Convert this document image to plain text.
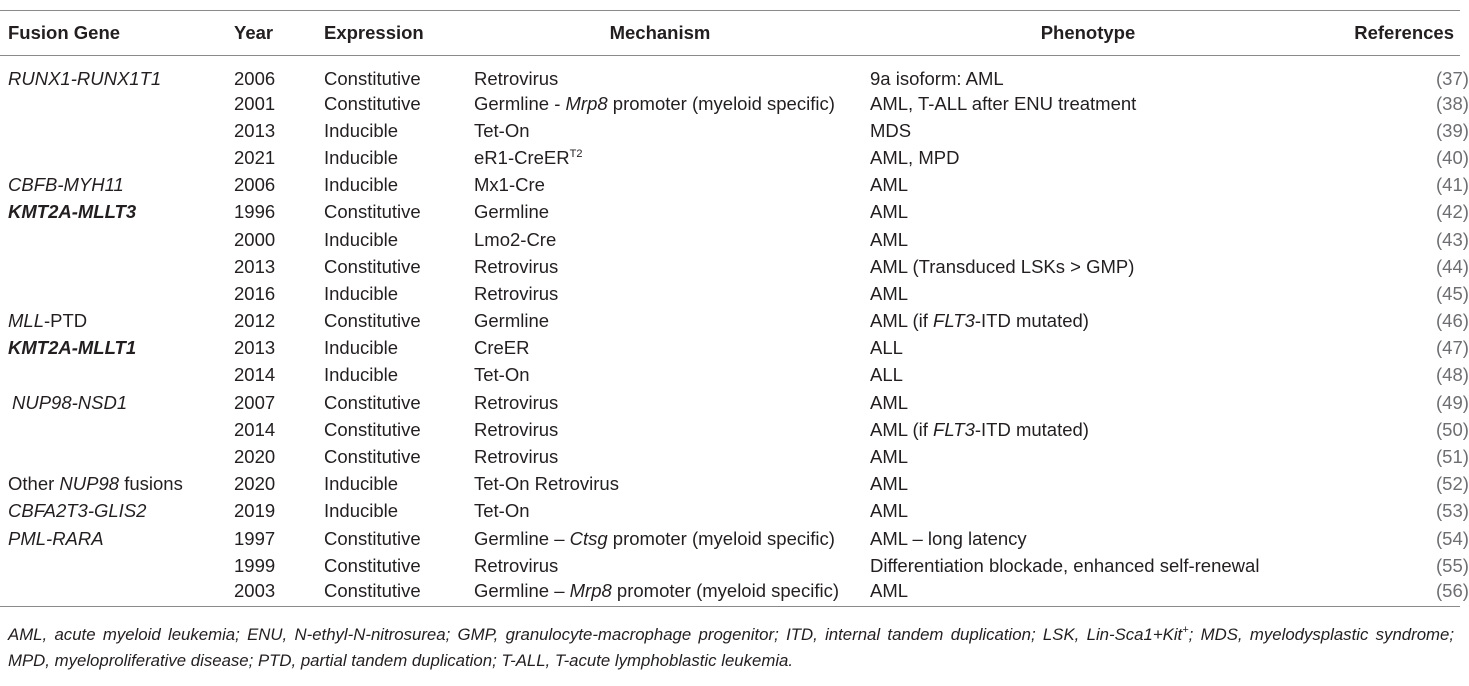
Fusion Gene	Year	Expression	Mechanism	Phenotype	References
RUNX1-RUNX1T1	2006	Constitutive	Retrovirus	9a isoform: AML	(37)
	2001	Constitutive	Germline - Mrp8 promoter (myeloid specific)	AML, T-ALL after ENU treatment	(38)
	2013	Inducible	Tet-On	MDS	(39)
	2021	Inducible	eR1-CreER$^{T2}$	AML, MPD	(40)
CBFB-MYH11	2006	Inducible	Mx1-Cre	AML	(41)
KMT2A-MLLT3	1996	Constitutive	Germline	AML	(42)
	2000	Inducible	Lmo2-Cre	AML	(43)
	2013	Constitutive	Retrovirus	AML (Transduced LSKs > GMP)	(44)
	2016	Inducible	Retrovirus	AML	(45)
MLL-PTD	2012	Constitutive	Germline	AML (if FLT3-ITD mutated)	(46)
KMT2A-MLLT1	2013	Inducible	CreER	ALL	(47)
	2014	Inducible	Tet-On	ALL	(48)
NUP98-NSD1	2007	Constitutive	Retrovirus	AML	(49)
	2014	Constitutive	Retrovirus	AML (if FLT3-ITD mutated)	(50)
	2020	Constitutive	Retrovirus	AML	(51)
Other NUP98 fusions	2020	Inducible	Tet-On Retrovirus	AML	(52)
CBFA2T3-GLIS2	2019	Inducible	Tet-On	AML	(53)
PML-RARA	1997	Constitutive	Germline – Ctsg promoter (myeloid specific)	AML – long latency	(54)
	1999	Constitutive	Retrovirus	Differentiation blockade, enhanced self-renewal	(55)
	2003	Constitutive	Germline – Mrp8 promoter (myeloid specific)	AML	(56)
AML, acute myeloid leukemia; ENU, N-ethyl-N-nitrosurea; GMP, granulocyte-macrophage progenitor; ITD, internal tandem duplication; LSK, Lin-Sca1+Kit+; MDS, myelodysplastic syndrome; MPD, myeloproliferative disease; PTD, partial tandem duplication; T-ALL, T-acute lymphoblastic leukemia.
